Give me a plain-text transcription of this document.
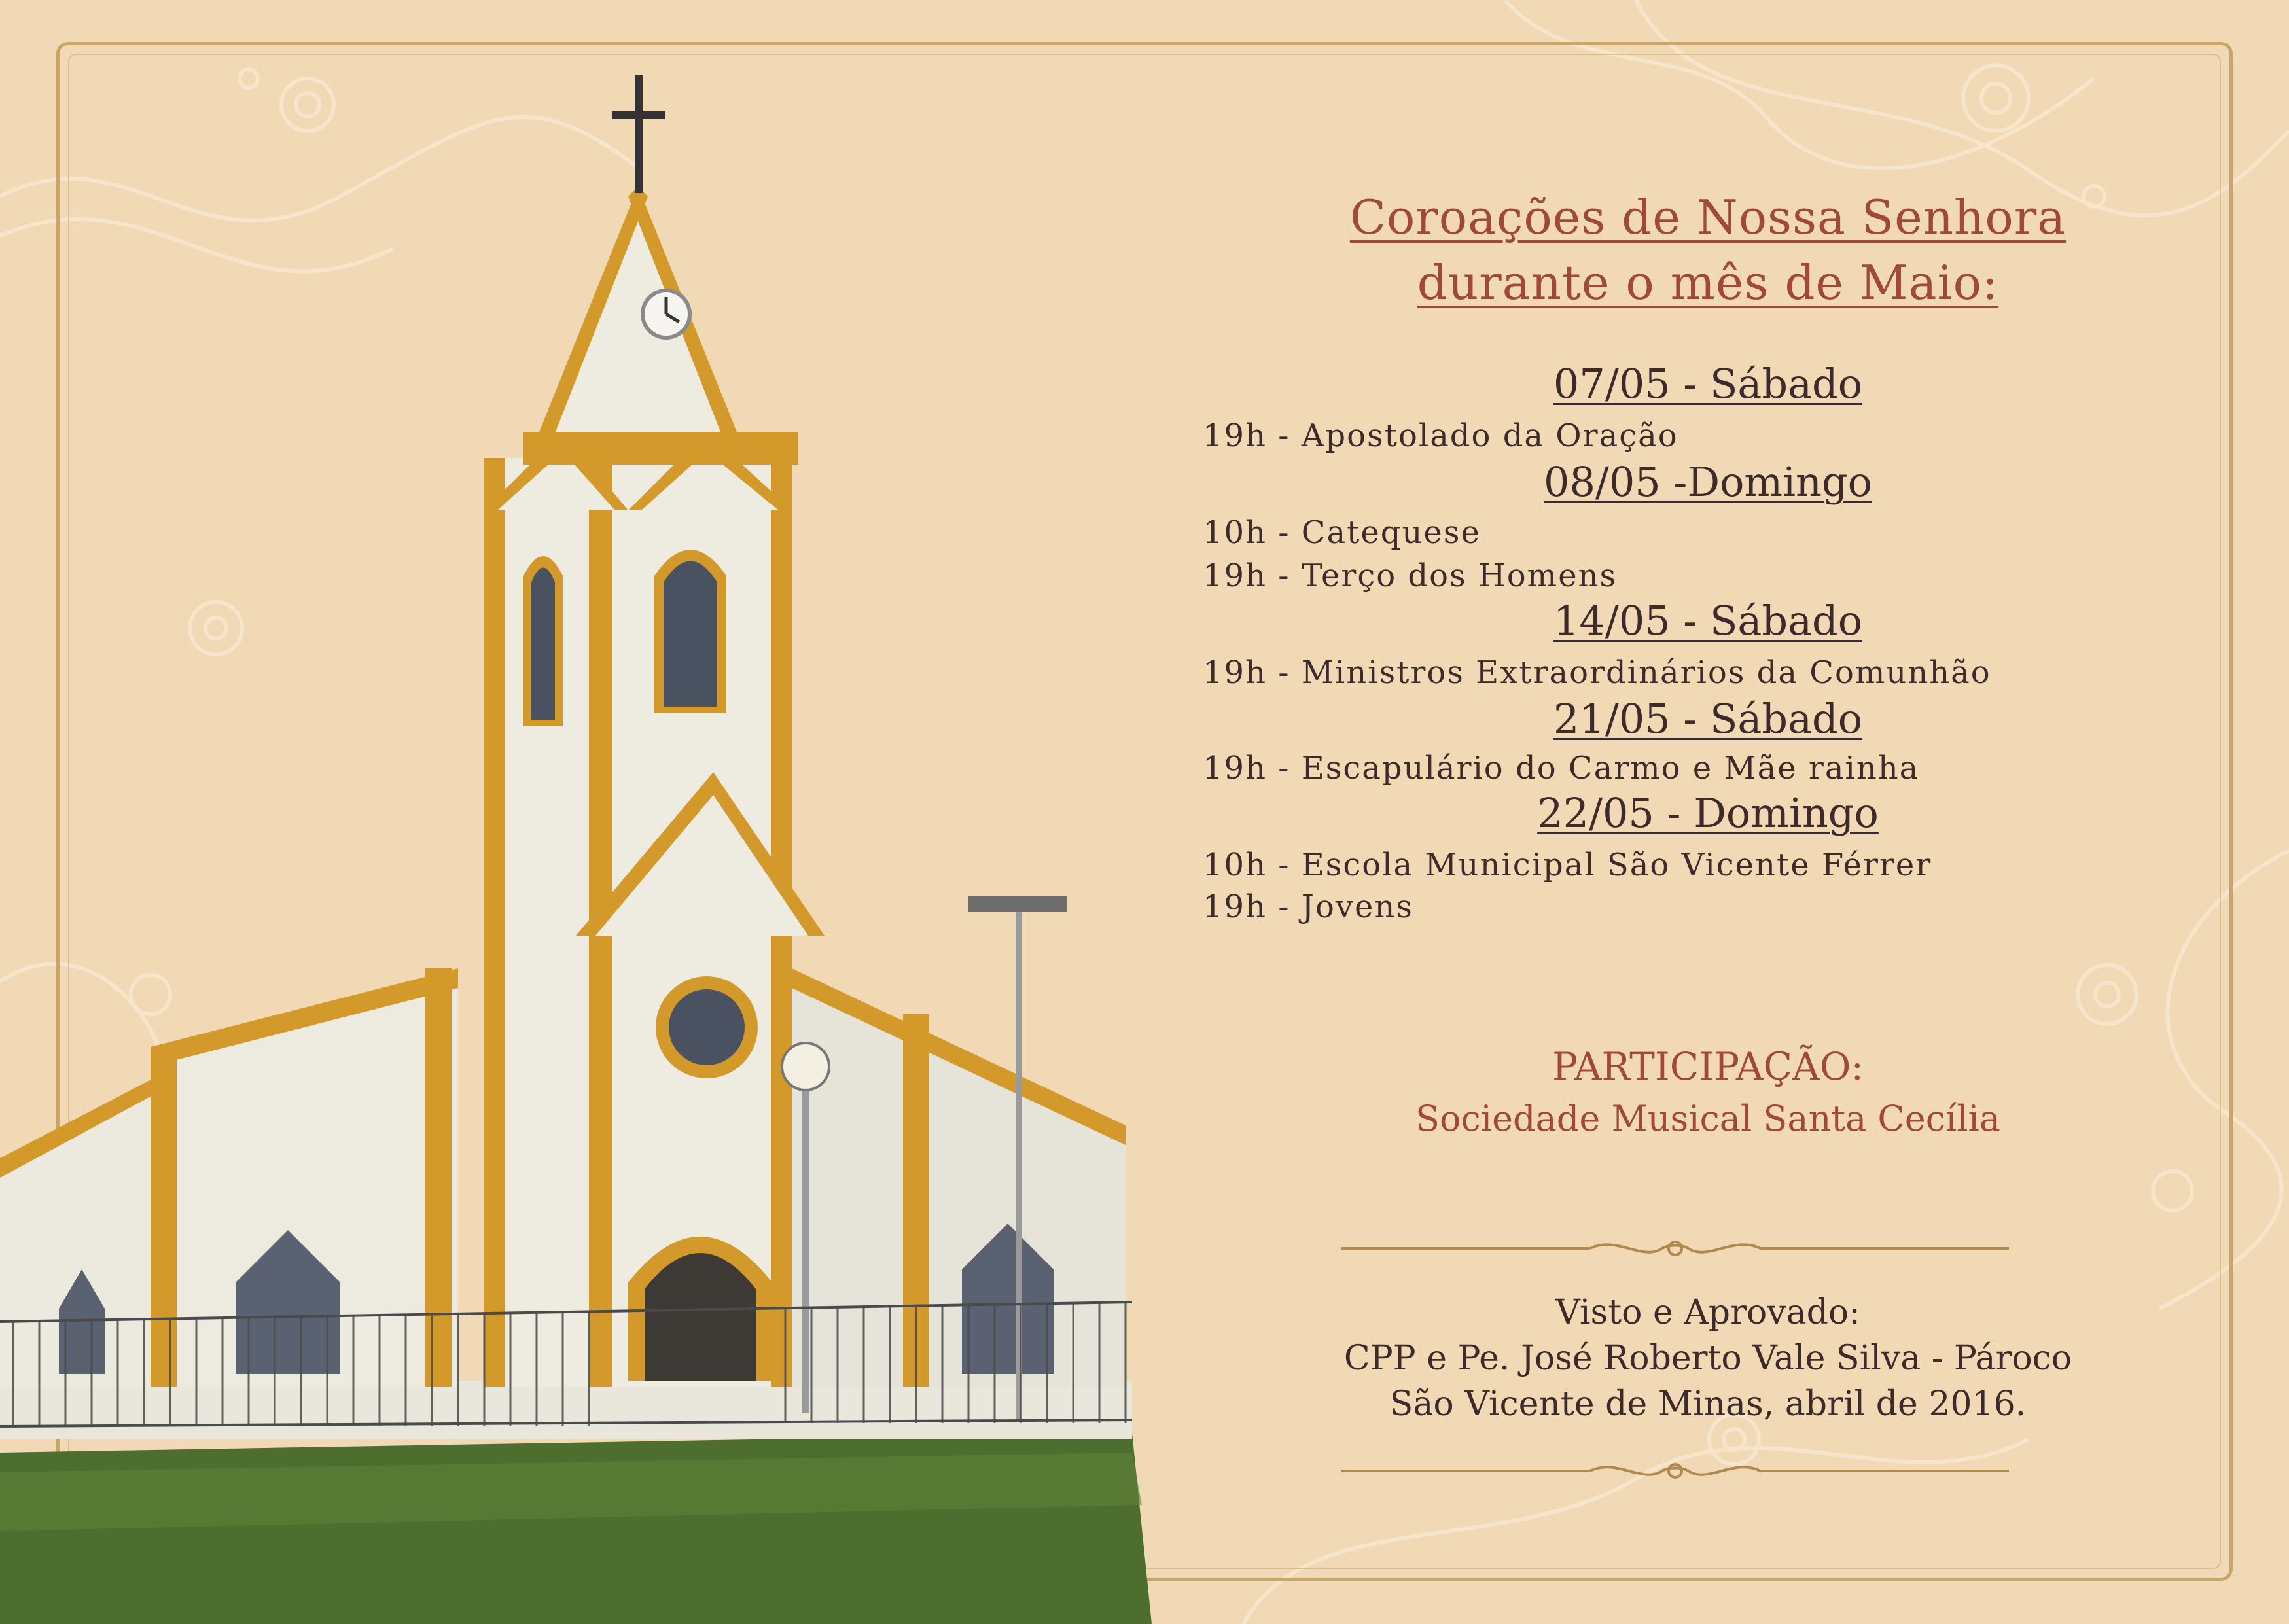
Coroações de Nossa Senhora
durante o mês de Maio:
07/05 - Sábado
19h - Apostolado da Oração
08/05 -Domingo
10h - Catequese
19h - Terço dos Homens
14/05 - Sábado
19h - Ministros Extraordinários da Comunhão
21/05 - Sábado
19h - Escapulário do Carmo e Mãe rainha
22/05 - Domingo
10h - Escola Municipal São Vicente Férrer
19h - Jovens
PARTICIPAÇÃO:
Sociedade Musical Santa Cecília
Visto e Aprovado:
CPP e Pe. José Roberto Vale Silva - Pároco
São Vicente de Minas, abril de 2016.
